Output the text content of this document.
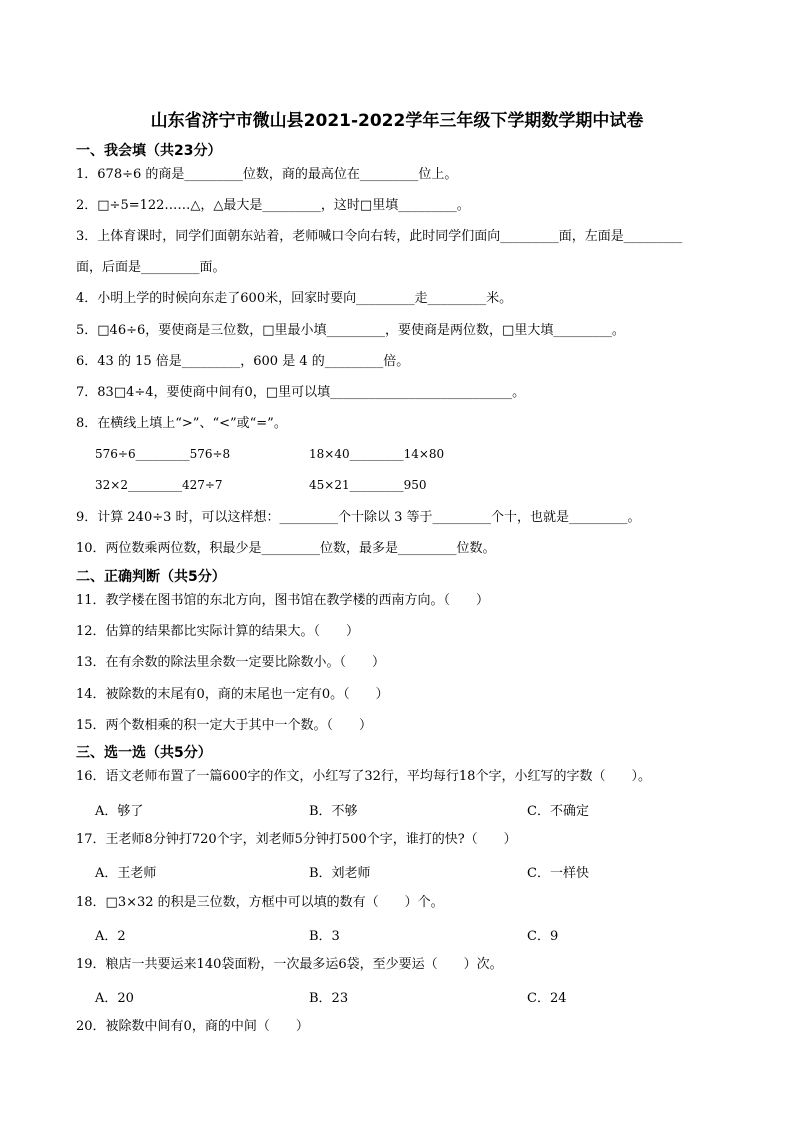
山东省济宁市微山县2021-2022学年三年级下学期数学期中试卷
一、我会填（共23分）
1．678÷6 的商是_________位数，商的最高位在_________位上。
2．□÷5=122……△，△最大是_________，这时□里填_________。
3．上体育课时，同学们面朝东站着，老师喊口令向右转，此时同学们面向_________面，左面是_________
面，后面是_________面。
4．小明上学的时候向东走了600米，回家时要向_________走_________米。
5．□46÷6，要使商是三位数，□里最小填_________，要使商是两位数，□里大填_________。
6．43 的 15 倍是_________，600 是 4 的_________倍。
7．83□4÷4，要使商中间有0，□里可以填____________________________。
8．在横线上填上“>”、“<”或“=”。
576÷6_________576÷8	18×40_________14×80
32×2_________427÷7	45×21_________950
9．计算 240÷3 时，可以这样想：_________个十除以 3 等于_________个十，也就是_________。
10．两位数乘两位数，积最少是_________位数，最多是_________位数。
二、正确判断（共5分）
11．教学楼在图书馆的东北方向，图书馆在教学楼的西南方向。（　　）
12．估算的结果都比实际计算的结果大。（　　）
13．在有余数的除法里余数一定要比除数小。（　　）
14．被除数的末尾有0，商的末尾也一定有0。（　　）
15．两个数相乘的积一定大于其中一个数。（　　）
三、选一选（共5分）
16．语文老师布置了一篇600字的作文，小红写了32行，平均每行18个字，小红写的字数（　　）。
A．够了	B．不够	C．不确定
17．王老师8分钟打720个字，刘老师5分钟打500个字，谁打的快?（　　）
A．王老师	B．刘老师	C．一样快
18．□3×32 的积是三位数，方框中可以填的数有（　　）个。
A．2	B．3	C．9
19．粮店一共要运来140袋面粉，一次最多运6袋，至少要运（　　）次。
A．20	B．23	C．24
20．被除数中间有0，商的中间（　　）
